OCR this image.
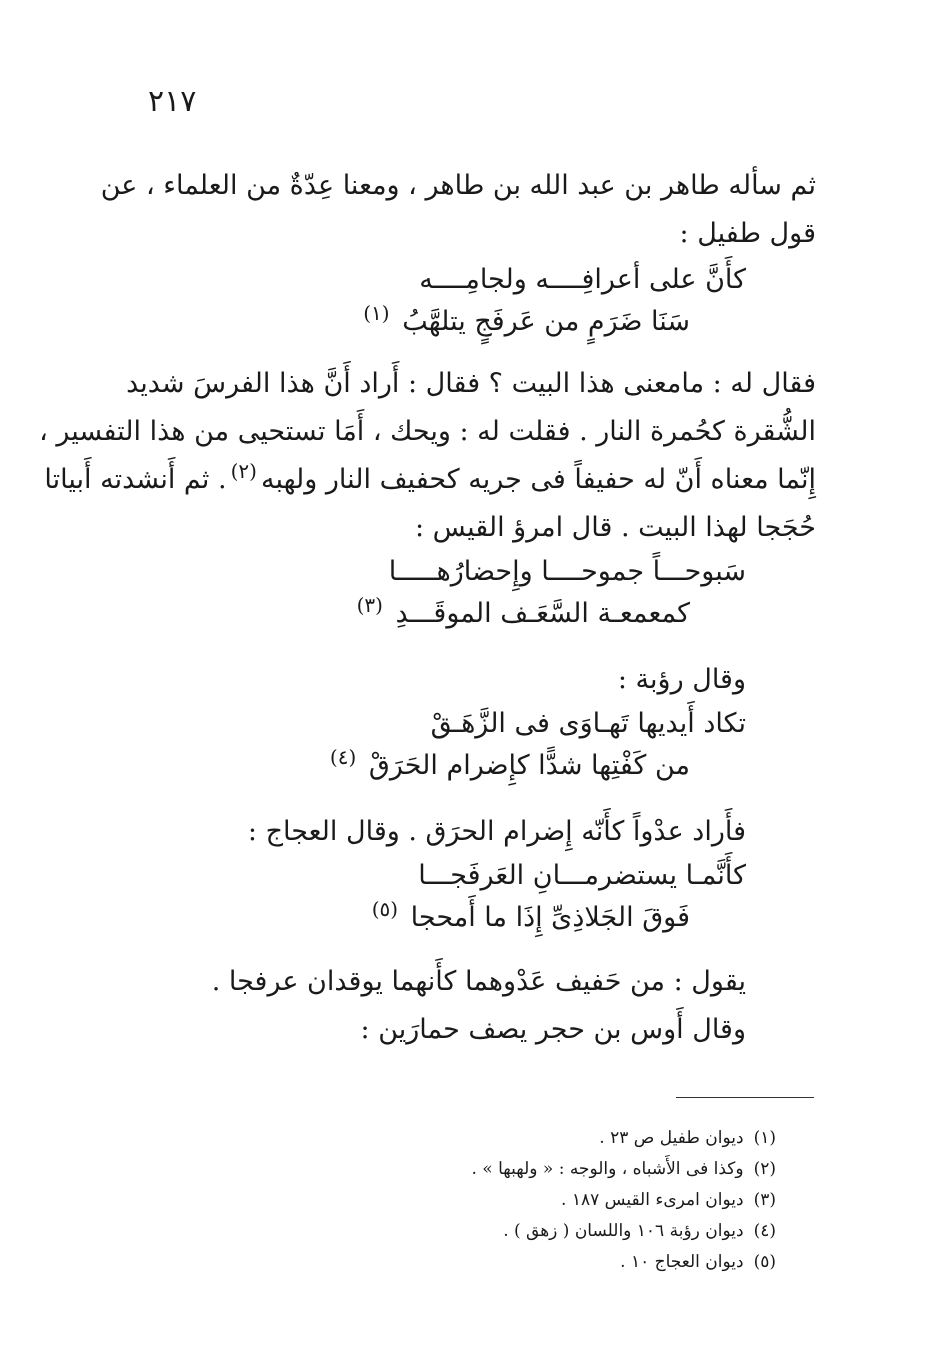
٢١٧
ثم سأله طاهر بن عبد الله بن طاهر ، ومعنا عِدّةٌ من العلماء ، عن
قول طفيل :
كأَنَّ على أعرافِــــه ولجامِــــه
سَنَا ضَرَمٍ من عَرفَجٍ يتلهَّبُ $^{(١)}$
فقال له : مامعنى هذا البيت ؟ فقال : أَراد أَنَّ هذا الفرسَ شديد
الشُّقرة كحُمرة النار . فقلت له : ويحك ، أَمَا تستحيى من هذا التفسير ،
إِنّما معناه أَنّ له حفيفاً فى جريه كحفيف النار ولهبه$^{(٢)}$. ثم أَنشدته أَبياتا
حُجَجا لهذا البيت . قال امرؤ القيس :
سَبوحـــاً جموحــــا وإِحضارُهـــــا
كمعمعـة السَّعَـف الموقَـــدِ $^{(٣)}$
وقال رؤبة :
تكاد أَيديها تَهـاوَى فى الزَّهَـقْ
من كَفْتِها شدًّا كإِضرام الحَرَقْ $^{(٤)}$
فأَراد عدْواً كأَنّه إِضرام الحرَق . وقال العجاج :
كأَنَّمـا يستضرمـــانِ العَرفَجـــا
فَوقَ الجَلاذِىِّ إِذَا ما أَمحجا $^{(٥)}$
يقول : من حَفيف عَدْوهما كأَنهما يوقدان عرفجا .
وقال أَوس بن حجر يصف حمارَين :
(١)ديوان طفيل ص ٢٣ .
(٢)وكذا فى الأَشباه ، والوجه : « ولهبها » .
(٣)ديوان امرىء القيس ١٨٧ .
(٤)ديوان رؤبة ١٠٦ واللسان ( زهق ) .
(٥)ديوان العجاج ١٠ .
